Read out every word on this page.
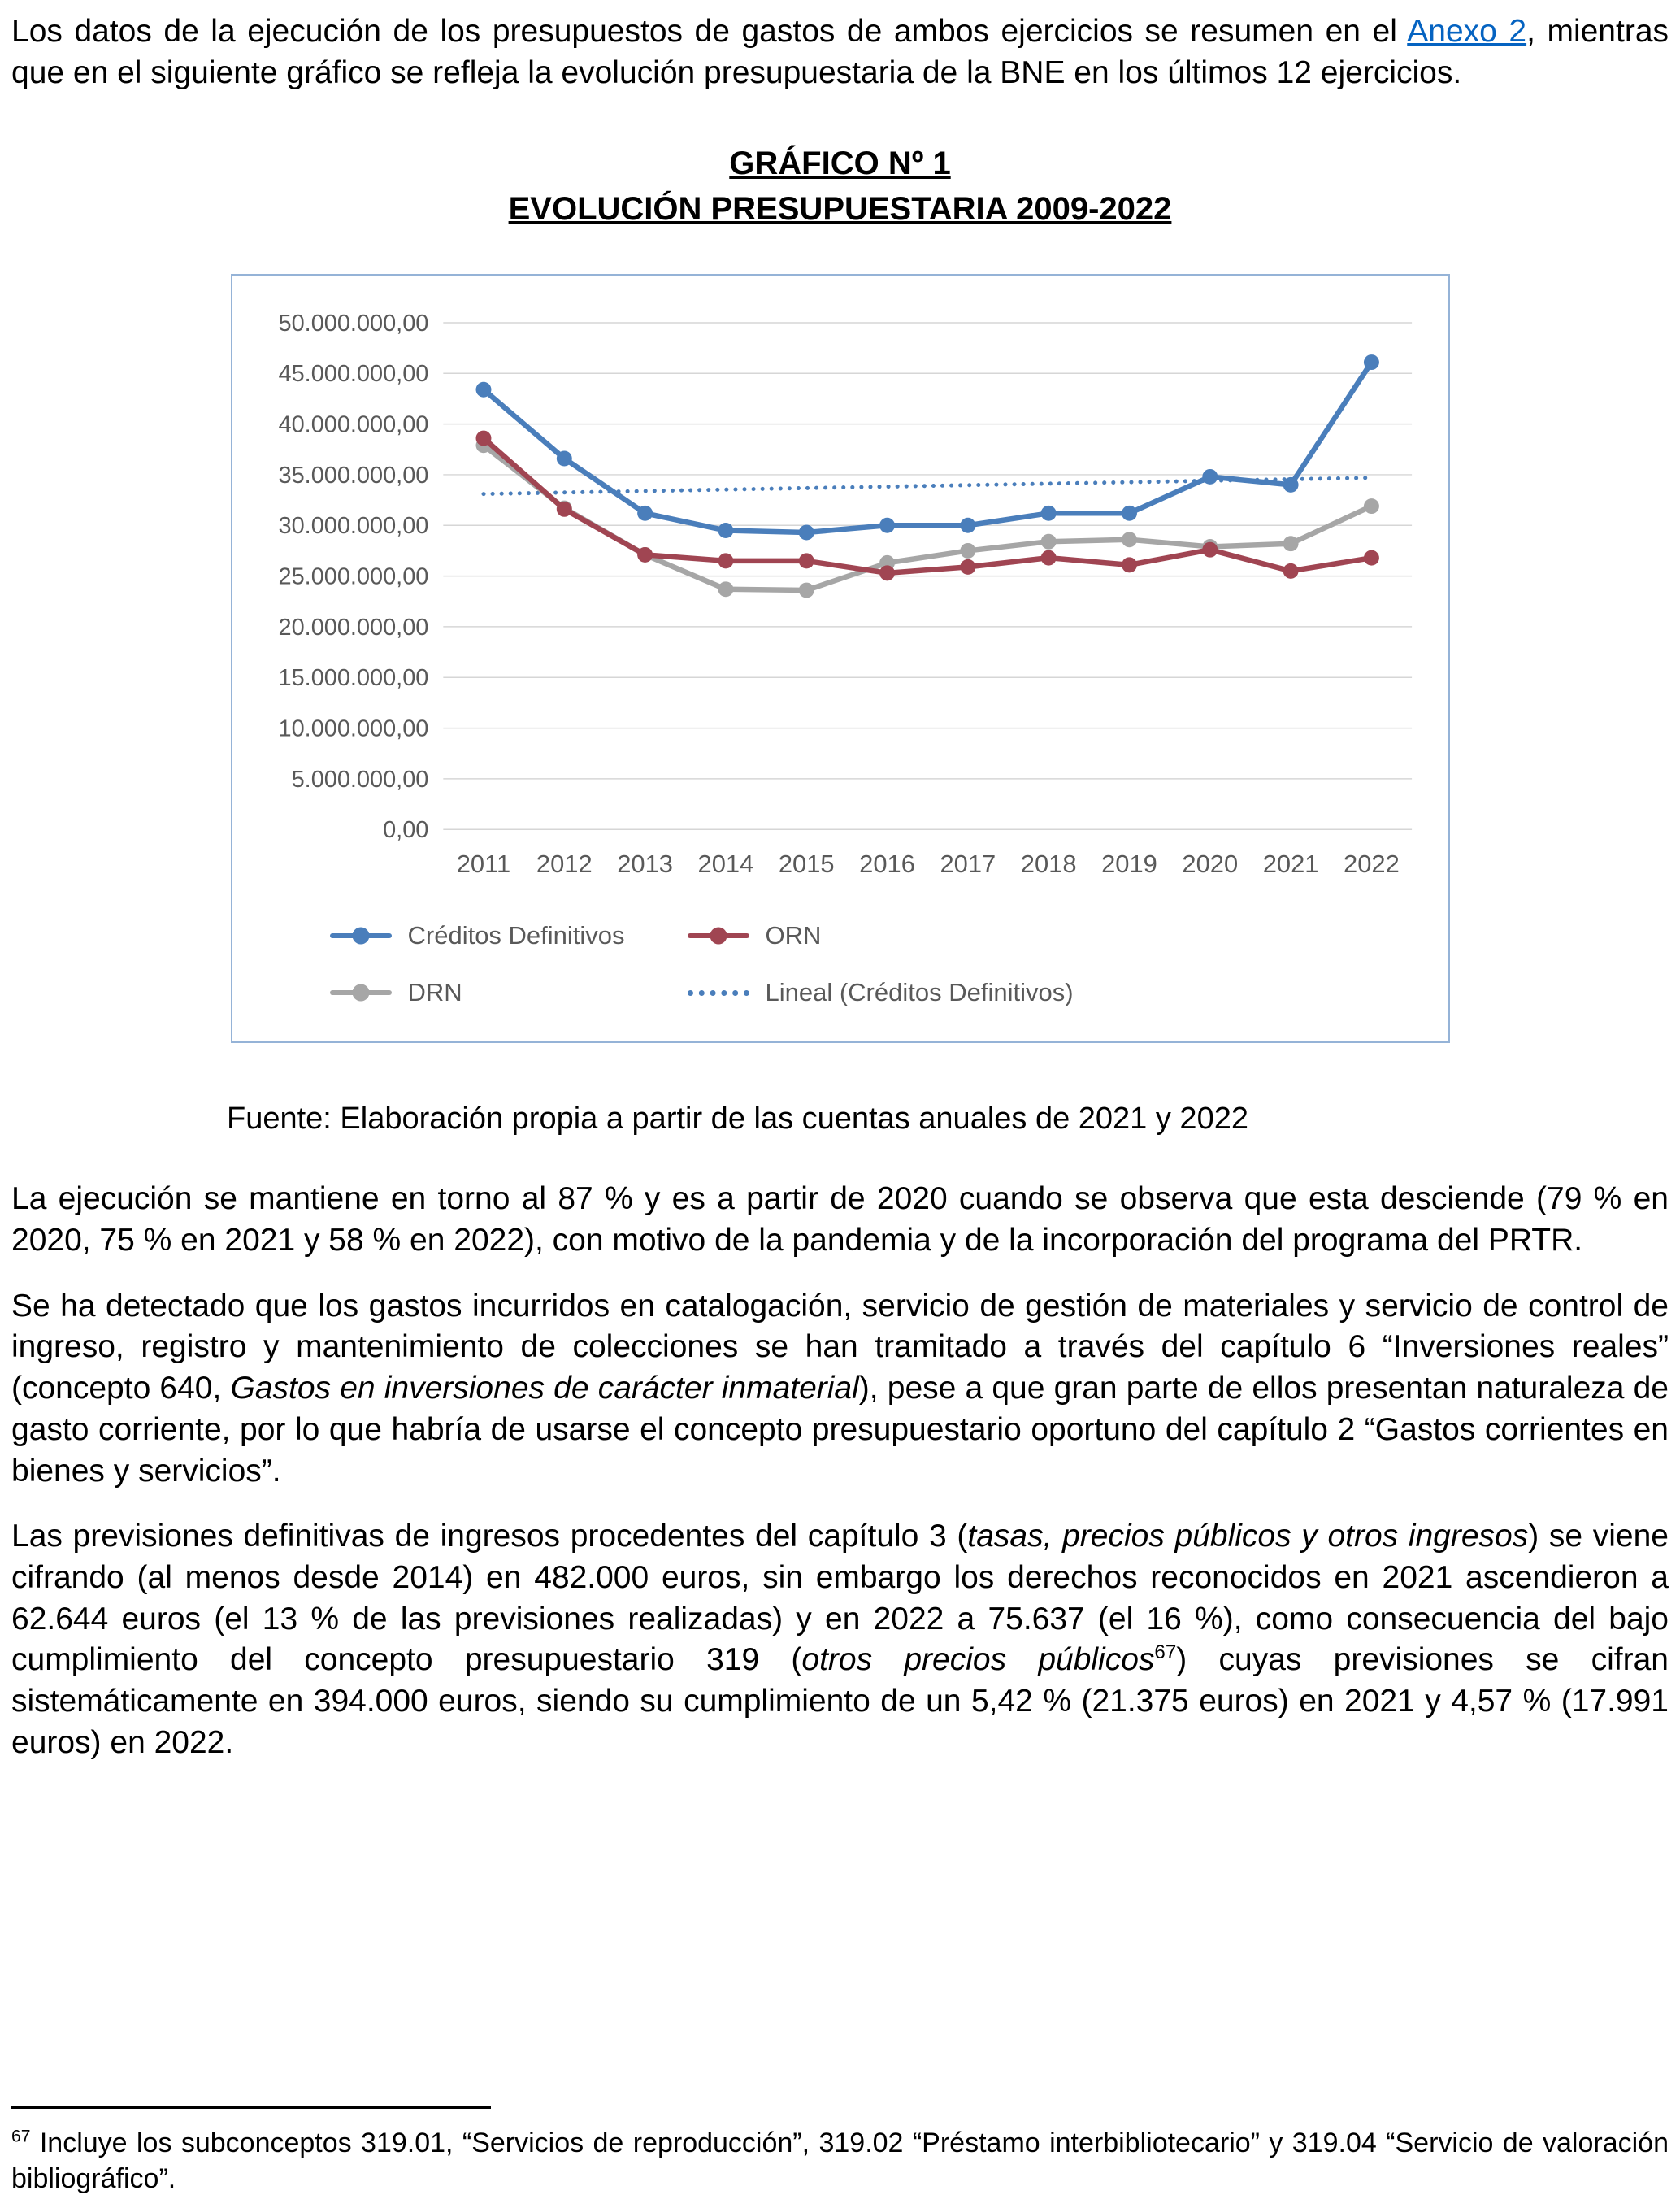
Los datos de la ejecución de los presupuestos de gastos de ambos ejercicios se resumen en el Anexo 2, mientras que en el siguiente gráfico se refleja la evolución presupuestaria de la BNE en los últimos 12 ejercicios.

GRÁFICO Nº 1
EVOLUCIÓN PRESUPUESTARIA 2009-2022
0,00
5.000.000,00
10.000.000,00
15.000.000,00
20.000.000,00
25.000.000,00
30.000.000,00
35.000.000,00
40.000.000,00
45.000.000,00
50.000.000,00
2011 2012 2013 2014 2015 2016 2017 2018 2019 2020 2021 2022
Créditos Definitivos	ORN
DRN	Lineal (Créditos Definitivos)

Fuente: Elaboración propia a partir de las cuentas anuales de 2021 y 2022

La ejecución se mantiene en torno al 87 % y es a partir de 2020 cuando se observa que esta desciende (79 % en 2020, 75 % en 2021 y 58 % en 2022), con motivo de la pandemia y de la incorporación del programa del PRTR.

Se ha detectado que los gastos incurridos en catalogación, servicio de gestión de materiales y servicio de control de ingreso, registro y mantenimiento de colecciones se han tramitado a través del capítulo 6 “Inversiones reales” (concepto 640, Gastos en inversiones de carácter inmaterial), pese a que gran parte de ellos presentan naturaleza de gasto corriente, por lo que habría de usarse el concepto presupuestario oportuno del capítulo 2 “Gastos corrientes en bienes y servicios”.

Las previsiones definitivas de ingresos procedentes del capítulo 3 (tasas, precios públicos y otros ingresos) se viene cifrando (al menos desde 2014) en 482.000 euros, sin embargo los derechos reconocidos en 2021 ascendieron a 62.644 euros (el 13 % de las previsiones realizadas) y en 2022 a 75.637 (el 16 %), como consecuencia del bajo cumplimiento del concepto presupuestario 319 (otros precios públicos$^{67}$) cuyas previsiones se cifran sistemáticamente en 394.000 euros, siendo su cumplimiento de un 5,42 % (21.375 euros) en 2021 y 4,57 % (17.991 euros) en 2022.

$^{67}$ Incluye los subconceptos 319.01, “Servicios de reproducción”, 319.02 “Préstamo interbibliotecario” y 319.04 “Servicio de valoración bibliográfico”.
